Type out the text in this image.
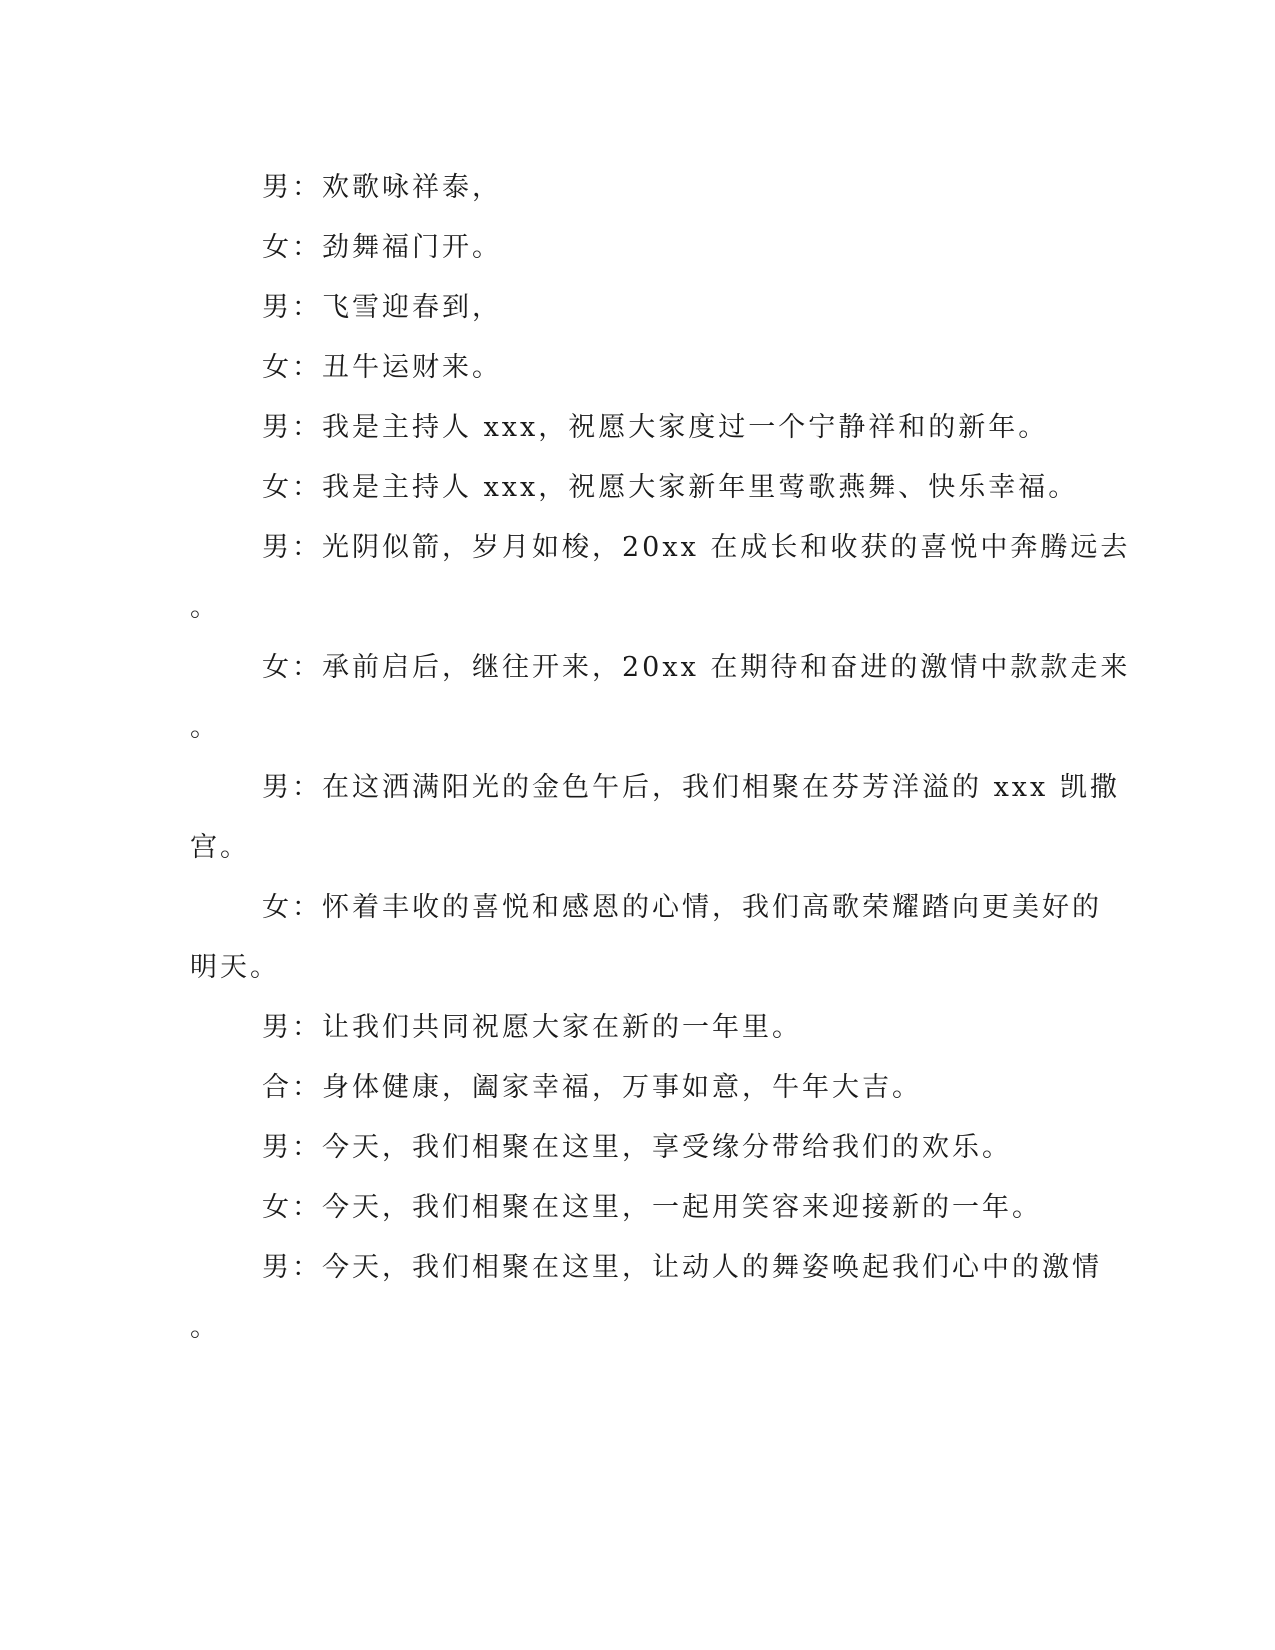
男：欢歌咏祥泰，
女：劲舞福门开。
男：飞雪迎春到，
女：丑牛运财来。
男：我是主持人 xxx，祝愿大家度过一个宁静祥和的新年。
女：我是主持人 xxx，祝愿大家新年里莺歌燕舞、快乐幸福。
男：光阴似箭，岁月如梭，20xx 在成长和收获的喜悦中奔腾远去
。
女：承前启后，继往开来，20xx 在期待和奋进的激情中款款走来
。
男：在这洒满阳光的金色午后，我们相聚在芬芳洋溢的 xxx 凯撒
宫。
女：怀着丰收的喜悦和感恩的心情，我们高歌荣耀踏向更美好的
明天。
男：让我们共同祝愿大家在新的一年里。
合：身体健康，阖家幸福，万事如意，牛年大吉。
男：今天，我们相聚在这里，享受缘分带给我们的欢乐。
女：今天，我们相聚在这里，一起用笑容来迎接新的一年。
男：今天，我们相聚在这里，让动人的舞姿唤起我们心中的激情
。
